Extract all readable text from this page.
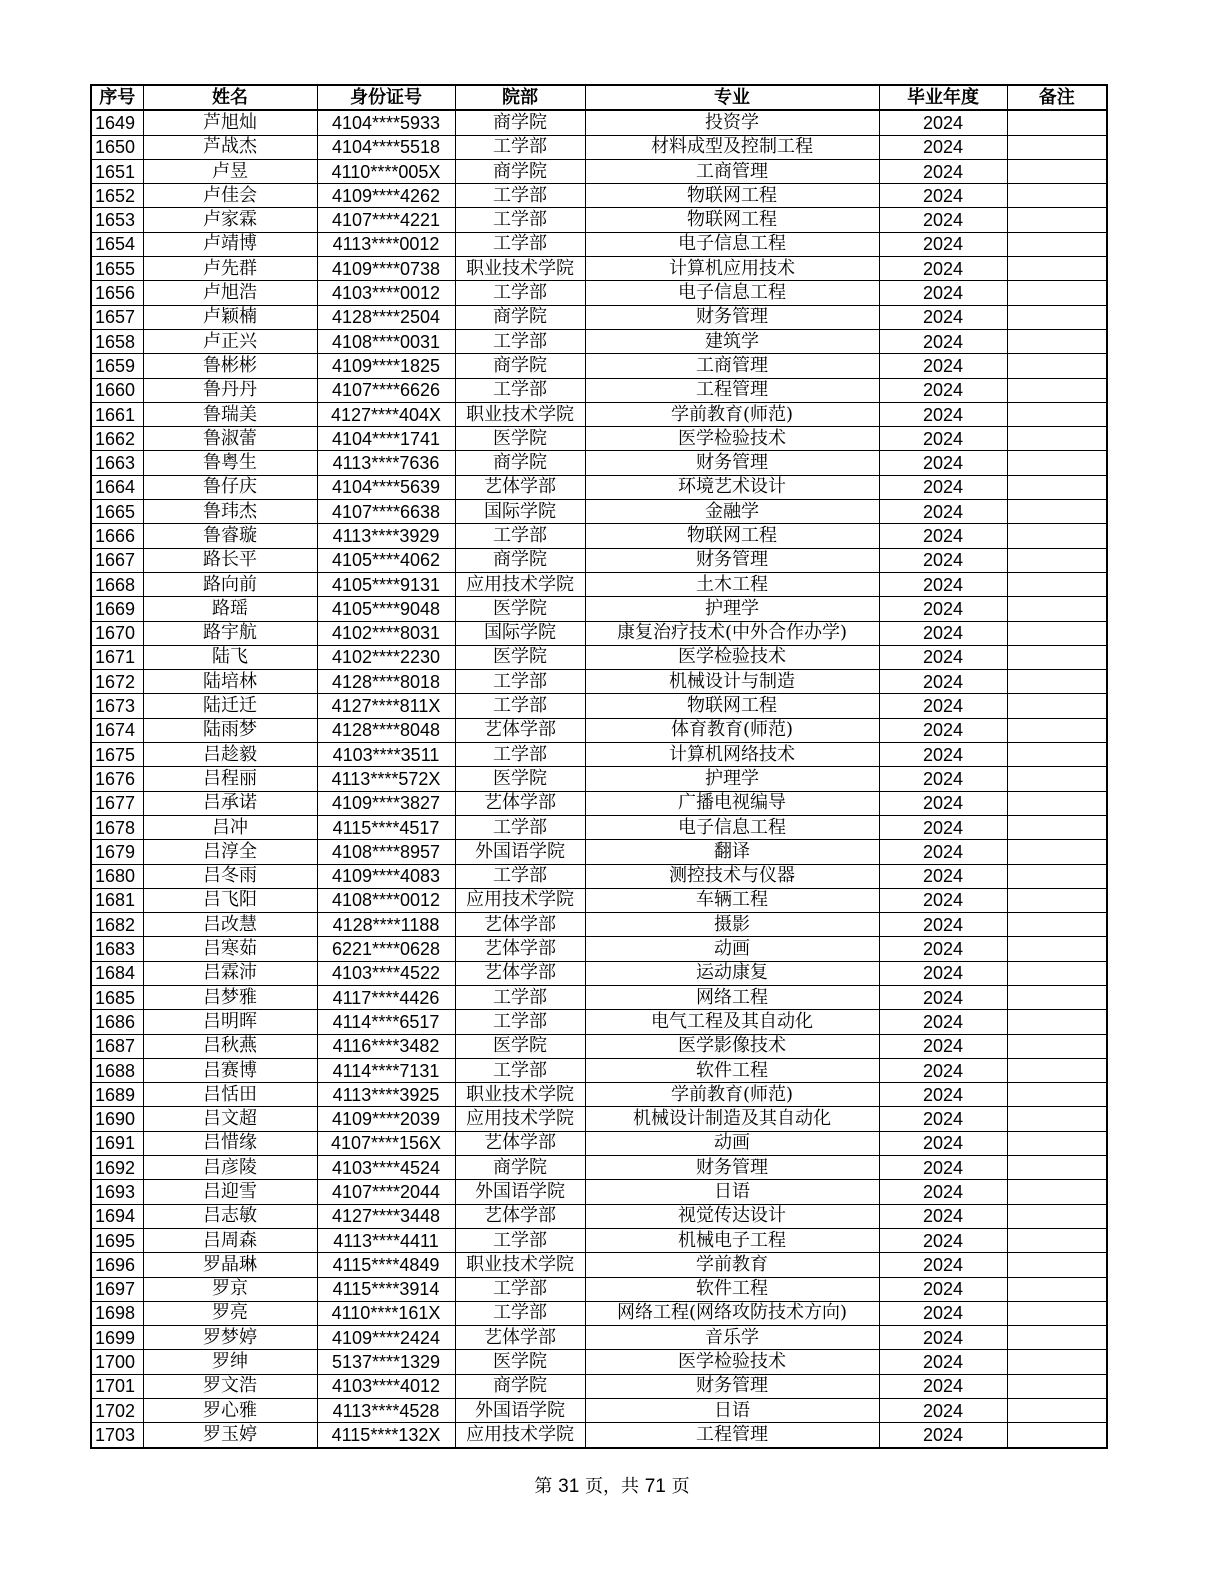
序号	姓名	身份证号	院部	专业	毕业年度	备注
1649	芦旭灿	4104****5933	商学院	投资学	2024	
1650	芦战杰	4104****5518	工学部	材料成型及控制工程	2024	
1651	卢昱	4110****005X	商学院	工商管理	2024	
1652	卢佳会	4109****4262	工学部	物联网工程	2024	
1653	卢家霖	4107****4221	工学部	物联网工程	2024	
1654	卢靖博	4113****0012	工学部	电子信息工程	2024	
1655	卢先群	4109****0738	职业技术学院	计算机应用技术	2024	
1656	卢旭浩	4103****0012	工学部	电子信息工程	2024	
1657	卢颖楠	4128****2504	商学院	财务管理	2024	
1658	卢正兴	4108****0031	工学部	建筑学	2024	
1659	鲁彬彬	4109****1825	商学院	工商管理	2024	
1660	鲁丹丹	4107****6626	工学部	工程管理	2024	
1661	鲁瑞美	4127****404X	职业技术学院	学前教育(师范)	2024	
1662	鲁淑蕾	4104****1741	医学院	医学检验技术	2024	
1663	鲁粤生	4113****7636	商学院	财务管理	2024	
1664	鲁仔庆	4104****5639	艺体学部	环境艺术设计	2024	
1665	鲁玮杰	4107****6638	国际学院	金融学	2024	
1666	鲁睿璇	4113****3929	工学部	物联网工程	2024	
1667	路长平	4105****4062	商学院	财务管理	2024	
1668	路向前	4105****9131	应用技术学院	土木工程	2024	
1669	路瑶	4105****9048	医学院	护理学	2024	
1670	路宇航	4102****8031	国际学院	康复治疗技术(中外合作办学)	2024	
1671	陆飞	4102****2230	医学院	医学检验技术	2024	
1672	陆培林	4128****8018	工学部	机械设计与制造	2024	
1673	陆迁迁	4127****811X	工学部	物联网工程	2024	
1674	陆雨梦	4128****8048	艺体学部	体育教育(师范)	2024	
1675	吕趁毅	4103****3511	工学部	计算机网络技术	2024	
1676	吕程丽	4113****572X	医学院	护理学	2024	
1677	吕承诺	4109****3827	艺体学部	广播电视编导	2024	
1678	吕冲	4115****4517	工学部	电子信息工程	2024	
1679	吕淳全	4108****8957	外国语学院	翻译	2024	
1680	吕冬雨	4109****4083	工学部	测控技术与仪器	2024	
1681	吕飞阳	4108****0012	应用技术学院	车辆工程	2024	
1682	吕改慧	4128****1188	艺体学部	摄影	2024	
1683	吕寒茹	6221****0628	艺体学部	动画	2024	
1684	吕霖沛	4103****4522	艺体学部	运动康复	2024	
1685	吕梦雅	4117****4426	工学部	网络工程	2024	
1686	吕明晖	4114****6517	工学部	电气工程及其自动化	2024	
1687	吕秋燕	4116****3482	医学院	医学影像技术	2024	
1688	吕赛博	4114****7131	工学部	软件工程	2024	
1689	吕恬田	4113****3925	职业技术学院	学前教育(师范)	2024	
1690	吕文超	4109****2039	应用技术学院	机械设计制造及其自动化	2024	
1691	吕惜缘	4107****156X	艺体学部	动画	2024	
1692	吕彦陵	4103****4524	商学院	财务管理	2024	
1693	吕迎雪	4107****2044	外国语学院	日语	2024	
1694	吕志敏	4127****3448	艺体学部	视觉传达设计	2024	
1695	吕周森	4113****4411	工学部	机械电子工程	2024	
1696	罗晶琳	4115****4849	职业技术学院	学前教育	2024	
1697	罗京	4115****3914	工学部	软件工程	2024	
1698	罗亮	4110****161X	工学部	网络工程(网络攻防技术方向)	2024	
1699	罗梦婷	4109****2424	艺体学部	音乐学	2024	
1700	罗绅	5137****1329	医学院	医学检验技术	2024	
1701	罗文浩	4103****4012	商学院	财务管理	2024	
1702	罗心雅	4113****4528	外国语学院	日语	2024	
1703	罗玉婷	4115****132X	应用技术学院	工程管理	2024	
第 31 页，共 71 页
